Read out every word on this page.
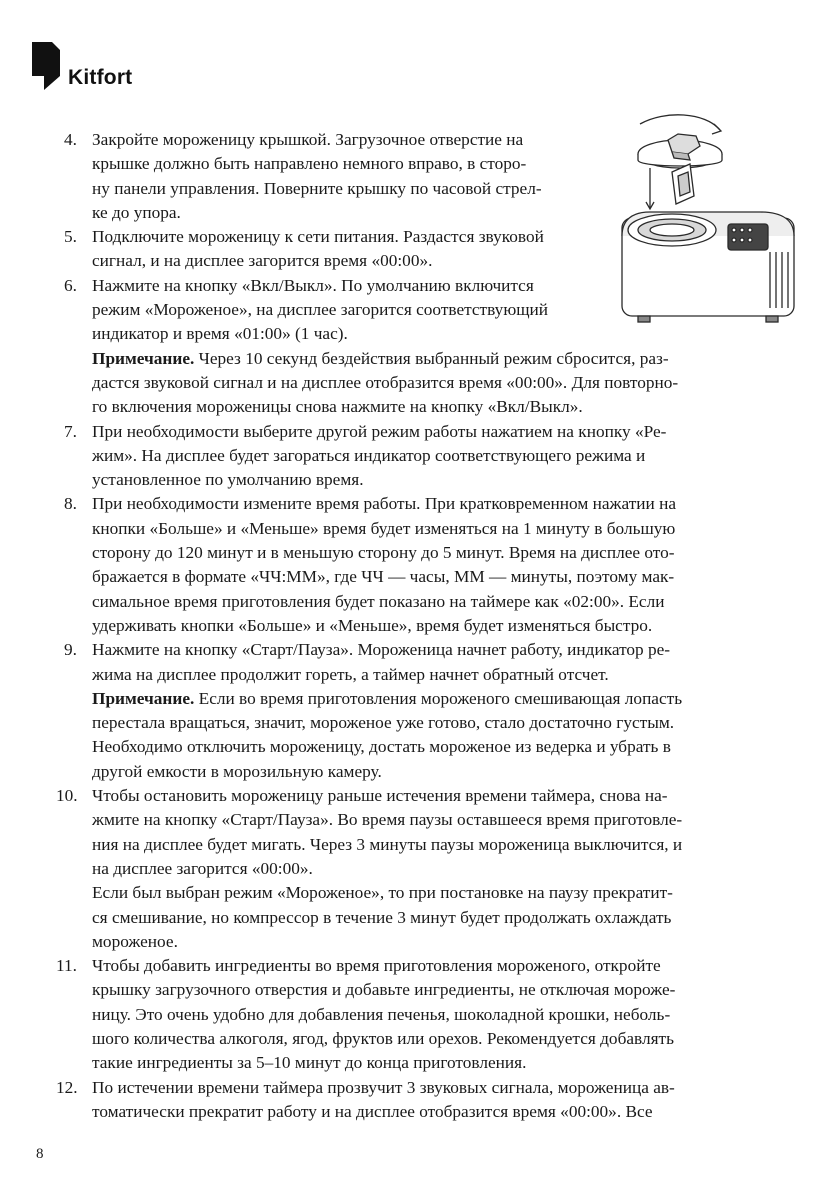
Kitfort
4. Закройте мороженицу крышкой. Загрузочное отверстие на
крышке должно быть направлено немного вправо, в сторо-
ну панели управления. Поверните крышку по часовой стрел-
ке до упора.
5. Подключите мороженицу к сети питания. Раздастся звуковой
сигнал, и на дисплее загорится время «00:00».
6. Нажмите на кнопку «Вкл/Выкл». По умолчанию включится
режим «Мороженое», на дисплее загорится соответствующий
индикатор и время «01:00» (1 час).
Примечание. Через 10 секунд бездействия выбранный режим сбросится, раз-
дастся звуковой сигнал и на дисплее отобразится время «00:00». Для повторно-
го включения мороженицы снова нажмите на кнопку «Вкл/Выкл».
7. При необходимости выберите другой режим работы нажатием на кнопку «Ре-
жим». На дисплее будет загораться индикатор соответствующего режима и
установленное по умолчанию время.
8. При необходимости измените время работы. При кратковременном нажатии на
кнопки «Больше» и «Меньше» время будет изменяться на 1 минуту в большую
сторону до 120 минут и в меньшую сторону до 5 минут. Время на дисплее ото-
бражается в формате «ЧЧ:ММ», где ЧЧ — часы, ММ — минуты, поэтому мак-
симальное время приготовления будет показано на таймере как «02:00». Если
удерживать кнопки «Больше» и «Меньше», время будет изменяться быстро.
9. Нажмите на кнопку «Старт/Пауза». Мороженица начнет работу, индикатор ре-
жима на дисплее продолжит гореть, а таймер начнет обратный отсчет.
Примечание. Если во время приготовления мороженого смешивающая лопасть
перестала вращаться, значит, мороженое уже готово, стало достаточно густым.
Необходимо отключить мороженицу, достать мороженое из ведерка и убрать в
другой емкости в морозильную камеру.
10. Чтобы остановить мороженицу раньше истечения времени таймера, снова на-
жмите на кнопку «Старт/Пауза». Во время паузы оставшееся время приготовле-
ния на дисплее будет мигать. Через 3 минуты паузы мороженица выключится, и
на дисплее загорится «00:00».
Если был выбран режим «Мороженое», то при постановке на паузу прекратит-
ся смешивание, но компрессор в течение 3 минут будет продолжать охлаждать
мороженое.
11. Чтобы добавить ингредиенты во время приготовления мороженого, откройте
крышку загрузочного отверстия и добавьте ингредиенты, не отключая мороже-
ницу. Это очень удобно для добавления печенья, шоколадной крошки, неболь-
шого количества алкоголя, ягод, фруктов или орехов. Рекомендуется добавлять
такие ингредиенты за 5–10 минут до конца приготовления.
12. По истечении времени таймера прозвучит 3 звуковых сигнала, мороженица ав-
томатически прекратит работу и на дисплее отобразится время «00:00». Все
8
